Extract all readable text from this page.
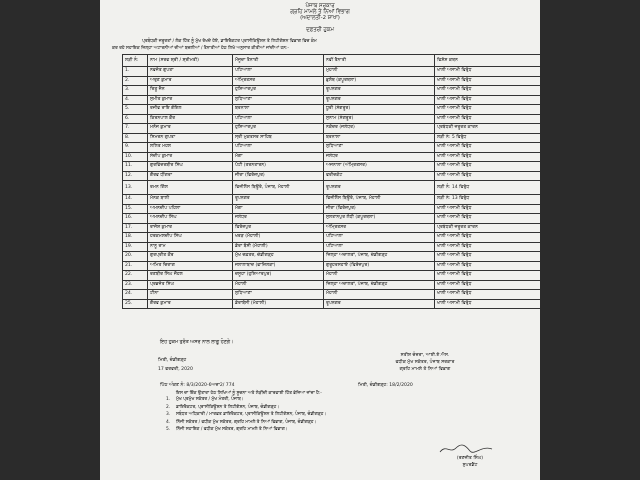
ਪੰਜਾਬ ਸਰਕਾਰ
ਗ੍ਰਹਿ ਮਾਮਲੇ ਤੇ ਨਿਆਂ ਵਿਭਾਗ
(ਅਦਾਲਤੀ-2 ਸ਼ਾਖਾ)
ਦਫ਼ਤਰੀ ਹੁਕਮ
ਪ੍ਰਬੰਧਕੀ ਜਰੂਰਤਾਂ / ਲੋਕ ਹਿੱਤ ਨੂੰ ਮੁੱਖ ਰੱਖਦੇ ਹੋਏ, ਡਾਇਰੈਕਟਰ ਪ੍ਰਾਸੀਕਿਊਸ਼ਨ ਤੇ ਲਿਟੀਗੇਸ਼ਨ ਵਿਭਾਗ ਵਿਚ ਕੰਮ
ਕਰ ਰਹੇ ਸਹਾਇਕ ਜਿਲ੍ਹਾ ਅਟਾਰਨੀਆਂ ਦੀਆਂ ਬਦਲੀਆਂ / ਤੈਨਾਤੀਆਂ ਹੇਠ ਲਿਖੇ ਅਨੁਸਾਰ ਕੀਤੀਆਂ ਜਾਂਦੀਆਂ ਹਨ:-
ਲੜੀ ਨੰ:	ਨਾਮ (ਸਰਵ ਸ਼੍ਰੀ / ਸ਼੍ਰੀਮਤੀ)	ਮੌਜੂਦਾ ਤੈਨਾਤੀ	ਨਵੀਂ ਤੈਨਾਤੀ	ਵਿਸ਼ੇਸ਼ ਕਥਨ
1.	ਨਵਜੋਤ ਗੁਪਤਾ	ਪਟਿਆਲਾ	ਮੁਹਾਲੀ	ਖਾਲੀ ਅਸਾਮੀ ਵਿਰੁੱਧ
2.	ਅਰੁਣ ਕੁਮਾਰ	ਅੰਮ੍ਰਿਤਸਰ	ਭੁਲੱਥ (ਕਪੂਰਥਲਾ)	ਖਾਲੀ ਅਸਾਮੀ ਵਿਰੁੱਧ
3.	ਰਿਤੂ ਜੈਨ	ਹੁਸ਼ਿਆਰਪੁਰ	ਰੂਪਨਗਰ	ਖਾਲੀ ਅਸਾਮੀ ਵਿਰੁੱਧ
4.	ਸੁਮੀਤ ਕੁਮਾਰ	ਲੁਧਿਆਣਾ	ਰੂਪਨਗਰ	ਖਾਲੀ ਅਸਾਮੀ ਵਿਰੁੱਧ
5.	ਰਜੀਵ ਰਾਇ ਗੋਇਲ	ਬਰਨਾਲਾ	ਧੂਰੀ (ਸੰਗਰੂਰ)	ਖਾਲੀ ਅਸਾਮੀ ਵਿਰੁੱਧ
6.	ਕਿਰਨਪਾਲ ਕੌਰ	ਪਟਿਆਲਾ	ਸੁਨਾਮ (ਸੰਗਰੂਰ)	ਖਾਲੀ ਅਸਾਮੀ ਵਿਰੁੱਧ
7.	ਮਨੋਜ ਕੁਮਾਰ	ਹੁਸ਼ਿਆਰਪੁਰ	ਨਕੋਦਰ (ਜਲੰਧਰ)	ਪ੍ਰਬੰਧਕੀ ਜਰੂਰਤ ਕਾਰਨ
8.	ਸਿਮਰਨ ਗੁਪਤਾ	ਸ੍ਰੀ ਮੁਕਤਸਰ ਸਾਹਿਬ	ਬਰਨਾਲਾ	ਲੜੀ ਨੰ: 5 ਵਿਰੁੱਧ
9.	ਲਲਿਤ ਮਹਲ	ਪਟਿਆਲਾ	ਲੁਧਿਆਣਾ	ਖਾਲੀ ਅਸਾਮੀ ਵਿਰੁੱਧ
10.	ਸੰਦੀਪ ਕੁਮਾਰ	ਮੋਗਾ	ਜਲੰਧਰ	ਖਾਲੀ ਅਸਾਮੀ ਵਿਰੁੱਧ
11.	ਗੁਰਵਿੰਦਰਬੀਰ ਸਿੰਘ	ਪੱਟੀ (ਤਰਨਤਾਰਨ)	ਅਜਨਾਲਾ (ਅੰਮ੍ਰਿਤਸਰ)	ਖਾਲੀ ਅਸਾਮੀ ਵਿਰੁੱਧ
12.	ਗੌਰਵ ਧੀਂਗਰਾ	ਜੀਰਾ (ਫਿਰੋਜ਼ਪੁਰ)	ਫਰੀਦਕੋਟ	ਖਾਲੀ ਅਸਾਮੀ ਵਿਰੁੱਧ
13.	ਰਮਨ ਗਿੱਲ	ਵਿਜੀਲੈਂਸ ਬਿਊਰੋ, ਪੰਜਾਬ, ਮੋਹਾਲੀ	ਰੂਪਨਗਰ	ਲੜੀ ਨੰ: 14 ਵਿਰੁੱਧ
14.	ਮੋਨਕ ਬਾਲੀ	ਰੂਪਨਗਰ	ਵਿਜੀਲੈਂਸ ਬਿਊਰੋ, ਪੰਜਾਬ, ਮੋਹਾਲੀ	ਲੜੀ ਨੰ: 13 ਵਿਰੁੱਧ
15.	ਅਮਨਦੀਪ ਪਹਿਲਾ	ਮੋਗਾ	ਜੀਰਾ (ਫਿਰੋਜ਼ਪੁਰ)	ਖਾਲੀ ਅਸਾਮੀ ਵਿਰੁੱਧ
16.	ਅਮਨਦੀਪ ਸਿੰਘ	ਜਲੰਧਰ	ਸੁਲਤਾਨਪੁਰ ਲੋਧੀ (ਕਪੂਰਥਲਾ)	ਖਾਲੀ ਅਸਾਮੀ ਵਿਰੁੱਧ
17.	ਰਾਜੇਸ਼ ਕੁਮਾਰ	ਫਿਰੋਜ਼ਪੁਰ	ਅੰਮ੍ਰਿਤਸਰ	ਪ੍ਰਬੰਧਕੀ ਜਰੂਰਤ ਕਾਰਨ
18.	ਹਰਕਮਲਦੀਪ ਸਿੰਘ	ਖਰੜ (ਮੋਹਾਲੀ)	ਪਟਿਆਲਾ	ਖਾਲੀ ਅਸਾਮੀ ਵਿਰੁੱਧ
19.	ਨਾਨੂ ਰਾਮ	ਡੇਰਾ ਬੱਸੀ (ਮੋਹਾਲੀ)	ਪਟਿਆਲਾ	ਖਾਲੀ ਅਸਾਮੀ ਵਿਰੁੱਧ
20.	ਗੁਰਪ੍ਰੀਤ ਕੌਰ	ਮੁੱਖ ਦਫ਼ਤਰ, ਚੰਡੀਗੜ੍ਹ	ਜਿਲ੍ਹਾ ਅਦਾਲਤਾਂ, ਪੰਜਾਬ, ਚੰਡੀਗੜ੍ਹ	ਖਾਲੀ ਅਸਾਮੀ ਵਿਰੁੱਧ
21.	ਅਮਿਤ ਚਿਰਾਗ	ਜਲਾਲਾਬਾਦ (ਫਾਜ਼ਿਲਕਾ)	ਗੁਰੂਹਰਸਹਾਏ (ਫਿਰੋਜ਼ਪੁਰ)	ਖਾਲੀ ਅਸਾਮੀ ਵਿਰੁੱਧ
22.	ਰਣਬੀਰ ਸਿੰਘ ਜੌਹਲ	ਦਸੂਹਾ (ਹੁਸ਼ਿਆਰਪੁਰ)	ਮੋਹਾਲੀ	ਖਾਲੀ ਅਸਾਮੀ ਵਿਰੁੱਧ
23.	ਪ੍ਰਭਜੋਤ ਸਿੰਘ	ਮੋਹਾਲੀ	ਜਿਲ੍ਹਾ ਅਦਾਲਤਾਂ, ਪੰਜਾਬ, ਚੰਡੀਗੜ੍ਹ	ਖਾਲੀ ਅਸਾਮੀ ਵਿਰੁੱਧ
24.	ਟੀਨਾ	ਲੁਧਿਆਣਾ	ਮੋਹਾਲੀ	ਖਾਲੀ ਅਸਾਮੀ ਵਿਰੁੱਧ
25.	ਗੌਰਵ ਕੁਮਾਰ	ਡੇਰਾਬੱਸੀ (ਮੋਹਾਲੀ)	ਰੂਪਨਗਰ	ਖਾਲੀ ਅਸਾਮੀ ਵਿਰੁੱਧ
ਇਹ ਹੁਕਮ ਤੁਰੰਤ ਅਸਰ ਨਾਲ ਲਾਗੂ ਹੋਣਗੇ।
ਮਿਤੀ, ਚੰਡੀਗੜ੍ਹ
17 ਫਰਵਰੀ, 2020
ਸਤੀਸ਼ ਚੰਦਰਾ, ਆਈ.ਏ.ਐਸ.
ਵਧੀਕ ਮੁੱਖ ਸਕੱਤਰ, ਪੰਜਾਬ ਸਰਕਾਰ
ਗ੍ਰਹਿ ਮਾਮਲੇ ਤੇ ਨਿਆਂ ਵਿਭਾਗ
ਪਿੱਠ ਅੰਕਣ ਨੰ: 8/3/2020-6ਅਦਾ2/ 774	ਮਿਤੀ, ਚੰਡੀਗੜ੍ਹ: 18/2/2020
ਇਸ ਦਾ ਇੱਕ ਉਤਾਰਾ ਹੇਠ ਲਿਖਿਆਂ ਨੂੰ ਸੂਚਨਾ ਅਤੇ ਲੋੜੀਂਦੀ ਕਾਰਵਾਈ ਹਿੱਤ ਭੇਜਿਆ ਜਾਂਦਾ ਹੈ:-
1. ਮੁੱਖ ਪ੍ਰਮੁੱਖ ਸਕੱਤਰ / ਮੁੱਖ ਮੰਤਰੀ, ਪੰਜਾਬ।
2. ਡਾਇਰੈਕਟਰ, ਪ੍ਰਾਸੀਕਿਊਸ਼ਨ ਤੇ ਲਿਟੀਗੇਸ਼ਨ, ਪੰਜਾਬ, ਚੰਡੀਗੜ੍ਹ।
3. ਸਬੰਧਤ ਅਧਿਕਾਰੀ / ਮਾਰਫ਼ਤ ਡਾਇਰੈਕਟਰ, ਪ੍ਰਾਸੀਕਿਊਸ਼ਨ ਤੇ ਲਿਟੀਗੇਸ਼ਨ, ਪੰਜਾਬ, ਚੰਡੀਗੜ੍ਹ।
4. ਨਿੱਜੀ ਸਕੱਤਰ / ਵਧੀਕ ਮੁੱਖ ਸਕੱਤਰ, ਗ੍ਰਹਿ ਮਾਮਲੇ ਤੇ ਨਿਆਂ ਵਿਭਾਗ, ਪੰਜਾਬ, ਚੰਡੀਗੜ੍ਹ।
5. ਨਿੱਜੀ ਸਹਾਇਕ / ਵਧੀਕ ਮੁੱਖ ਸਕੱਤਰ, ਗ੍ਰਹਿ ਮਾਮਲੇ ਤੇ ਨਿਆਂ ਵਿਭਾਗ।
(ਰਣਜੀਤ ਸਿੰਘ)
ਸੁਪਰਡੈਂਟ
